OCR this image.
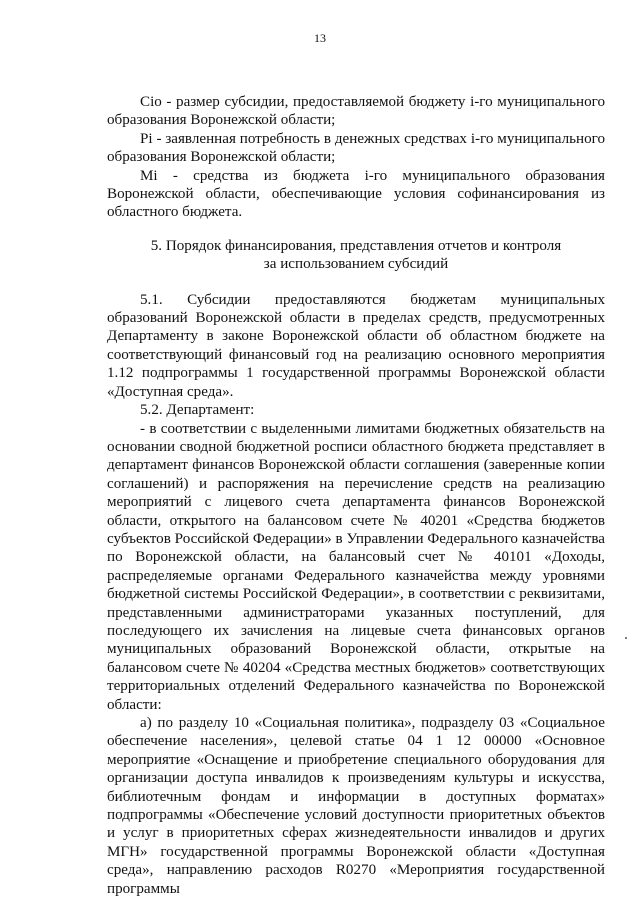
13

Cio - размер субсидии, предоставляемой бюджету i-го муниципального образования Воронежской области;

Pi - заявленная потребность в денежных средствах i-го муниципального образования Воронежской области;

Mi - средства из бюджета i-го муниципального образования Воронежской области, обеспечивающие условия софинансирования из областного бюджета.

5. Порядок финансирования, представления отчетов и контроля
за использованием субсидий

5.1. Субсидии предоставляются бюджетам муниципальных образований Воронежской области в пределах средств, предусмотренных Департаменту в законе Воронежской области об областном бюджете на соответствующий финансовый год на реализацию основного мероприятия 1.12 подпрограммы 1 государственной программы Воронежской области «Доступная среда».

5.2. Департамент:

- в соответствии с выделенными лимитами бюджетных обязательств на основании сводной бюджетной росписи областного бюджета представляет в департамент финансов Воронежской области соглашения (заверенные копии соглашений) и распоряжения на перечисление средств на реализацию мероприятий с лицевого счета департамента финансов Воронежской области, открытого на балансовом счете № 40201 «Средства бюджетов субъектов Российской Федерации» в Управлении Федерального казначейства по Воронежской области, на балансовый счет № 40101 «Доходы, распределяемые органами Федерального казначейства между уровнями бюджетной системы Российской Федерации», в соответствии с реквизитами, представленными администраторами указанных поступлений, для последующего их зачисления на лицевые счета финансовых органов муниципальных образований Воронежской области, открытые на балансовом счете № 40204 «Средства местных бюджетов» соответствующих территориальных отделений Федерального казначейства по Воронежской области:

а) по разделу 10 «Социальная политика», подразделу 03 «Социальное обеспечение населения», целевой статье 04 1 12 00000 «Основное мероприятие «Оснащение и приобретение специального оборудования для организации доступа инвалидов к произведениям культуры и искусства, библиотечным фондам и информации в доступных форматах» подпрограммы «Обеспечение условий доступности приоритетных объектов и услуг в приоритетных сферах жизнедеятельности инвалидов и других МГН» государственной программы Воронежской области «Доступная среда», направлению расходов R0270 «Мероприятия государственной программы
